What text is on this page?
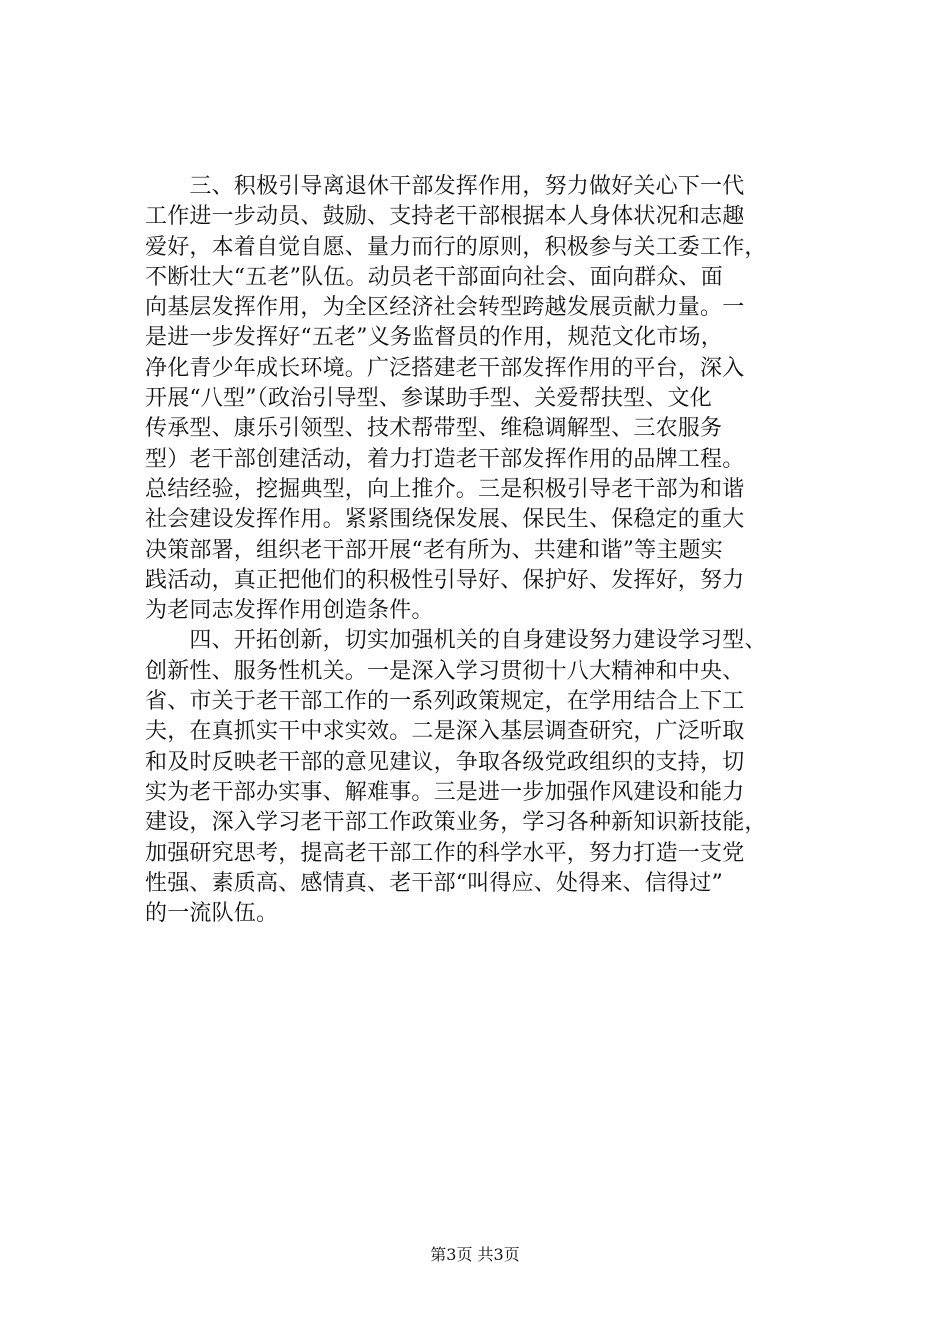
　　三、积极引导离退休干部发挥作用，努力做好关心下一代
工作进一步动员、鼓励、支持老干部根据本人身体状况和志趣
爱好，本着自觉自愿、量力而行的原则，积极参与关工委工作，
不断壮大“五老”队伍。动员老干部面向社会、面向群众、面
向基层发挥作用，为全区经济社会转型跨越发展贡献力量。一
是进一步发挥好“五老”义务监督员的作用，规范文化市场，
净化青少年成长环境。广泛搭建老干部发挥作用的平台，深入
开展“八型”（政治引导型、参谋助手型、关爱帮扶型、文化
传承型、康乐引领型、技术帮带型、维稳调解型、三农服务
型）老干部创建活动，着力打造老干部发挥作用的品牌工程。
总结经验，挖掘典型，向上推介。三是积极引导老干部为和谐
社会建设发挥作用。紧紧围绕保发展、保民生、保稳定的重大
决策部署，组织老干部开展“老有所为、共建和谐”等主题实
践活动，真正把他们的积极性引导好、保护好、发挥好，努力
为老同志发挥作用创造条件。
　　四、开拓创新，切实加强机关的自身建设努力建设学习型、
创新性、服务性机关。一是深入学习贯彻十八大精神和中央、
省、市关于老干部工作的一系列政策规定，在学用结合上下工
夫，在真抓实干中求实效。二是深入基层调查研究，广泛听取
和及时反映老干部的意见建议，争取各级党政组织的支持，切
实为老干部办实事、解难事。三是进一步加强作风建设和能力
建设，深入学习老干部工作政策业务，学习各种新知识新技能，
加强研究思考，提高老干部工作的科学水平，努力打造一支党
性强、素质高、感情真、老干部“叫得应、处得来、信得过”
的一流队伍。
第3页 共3页
